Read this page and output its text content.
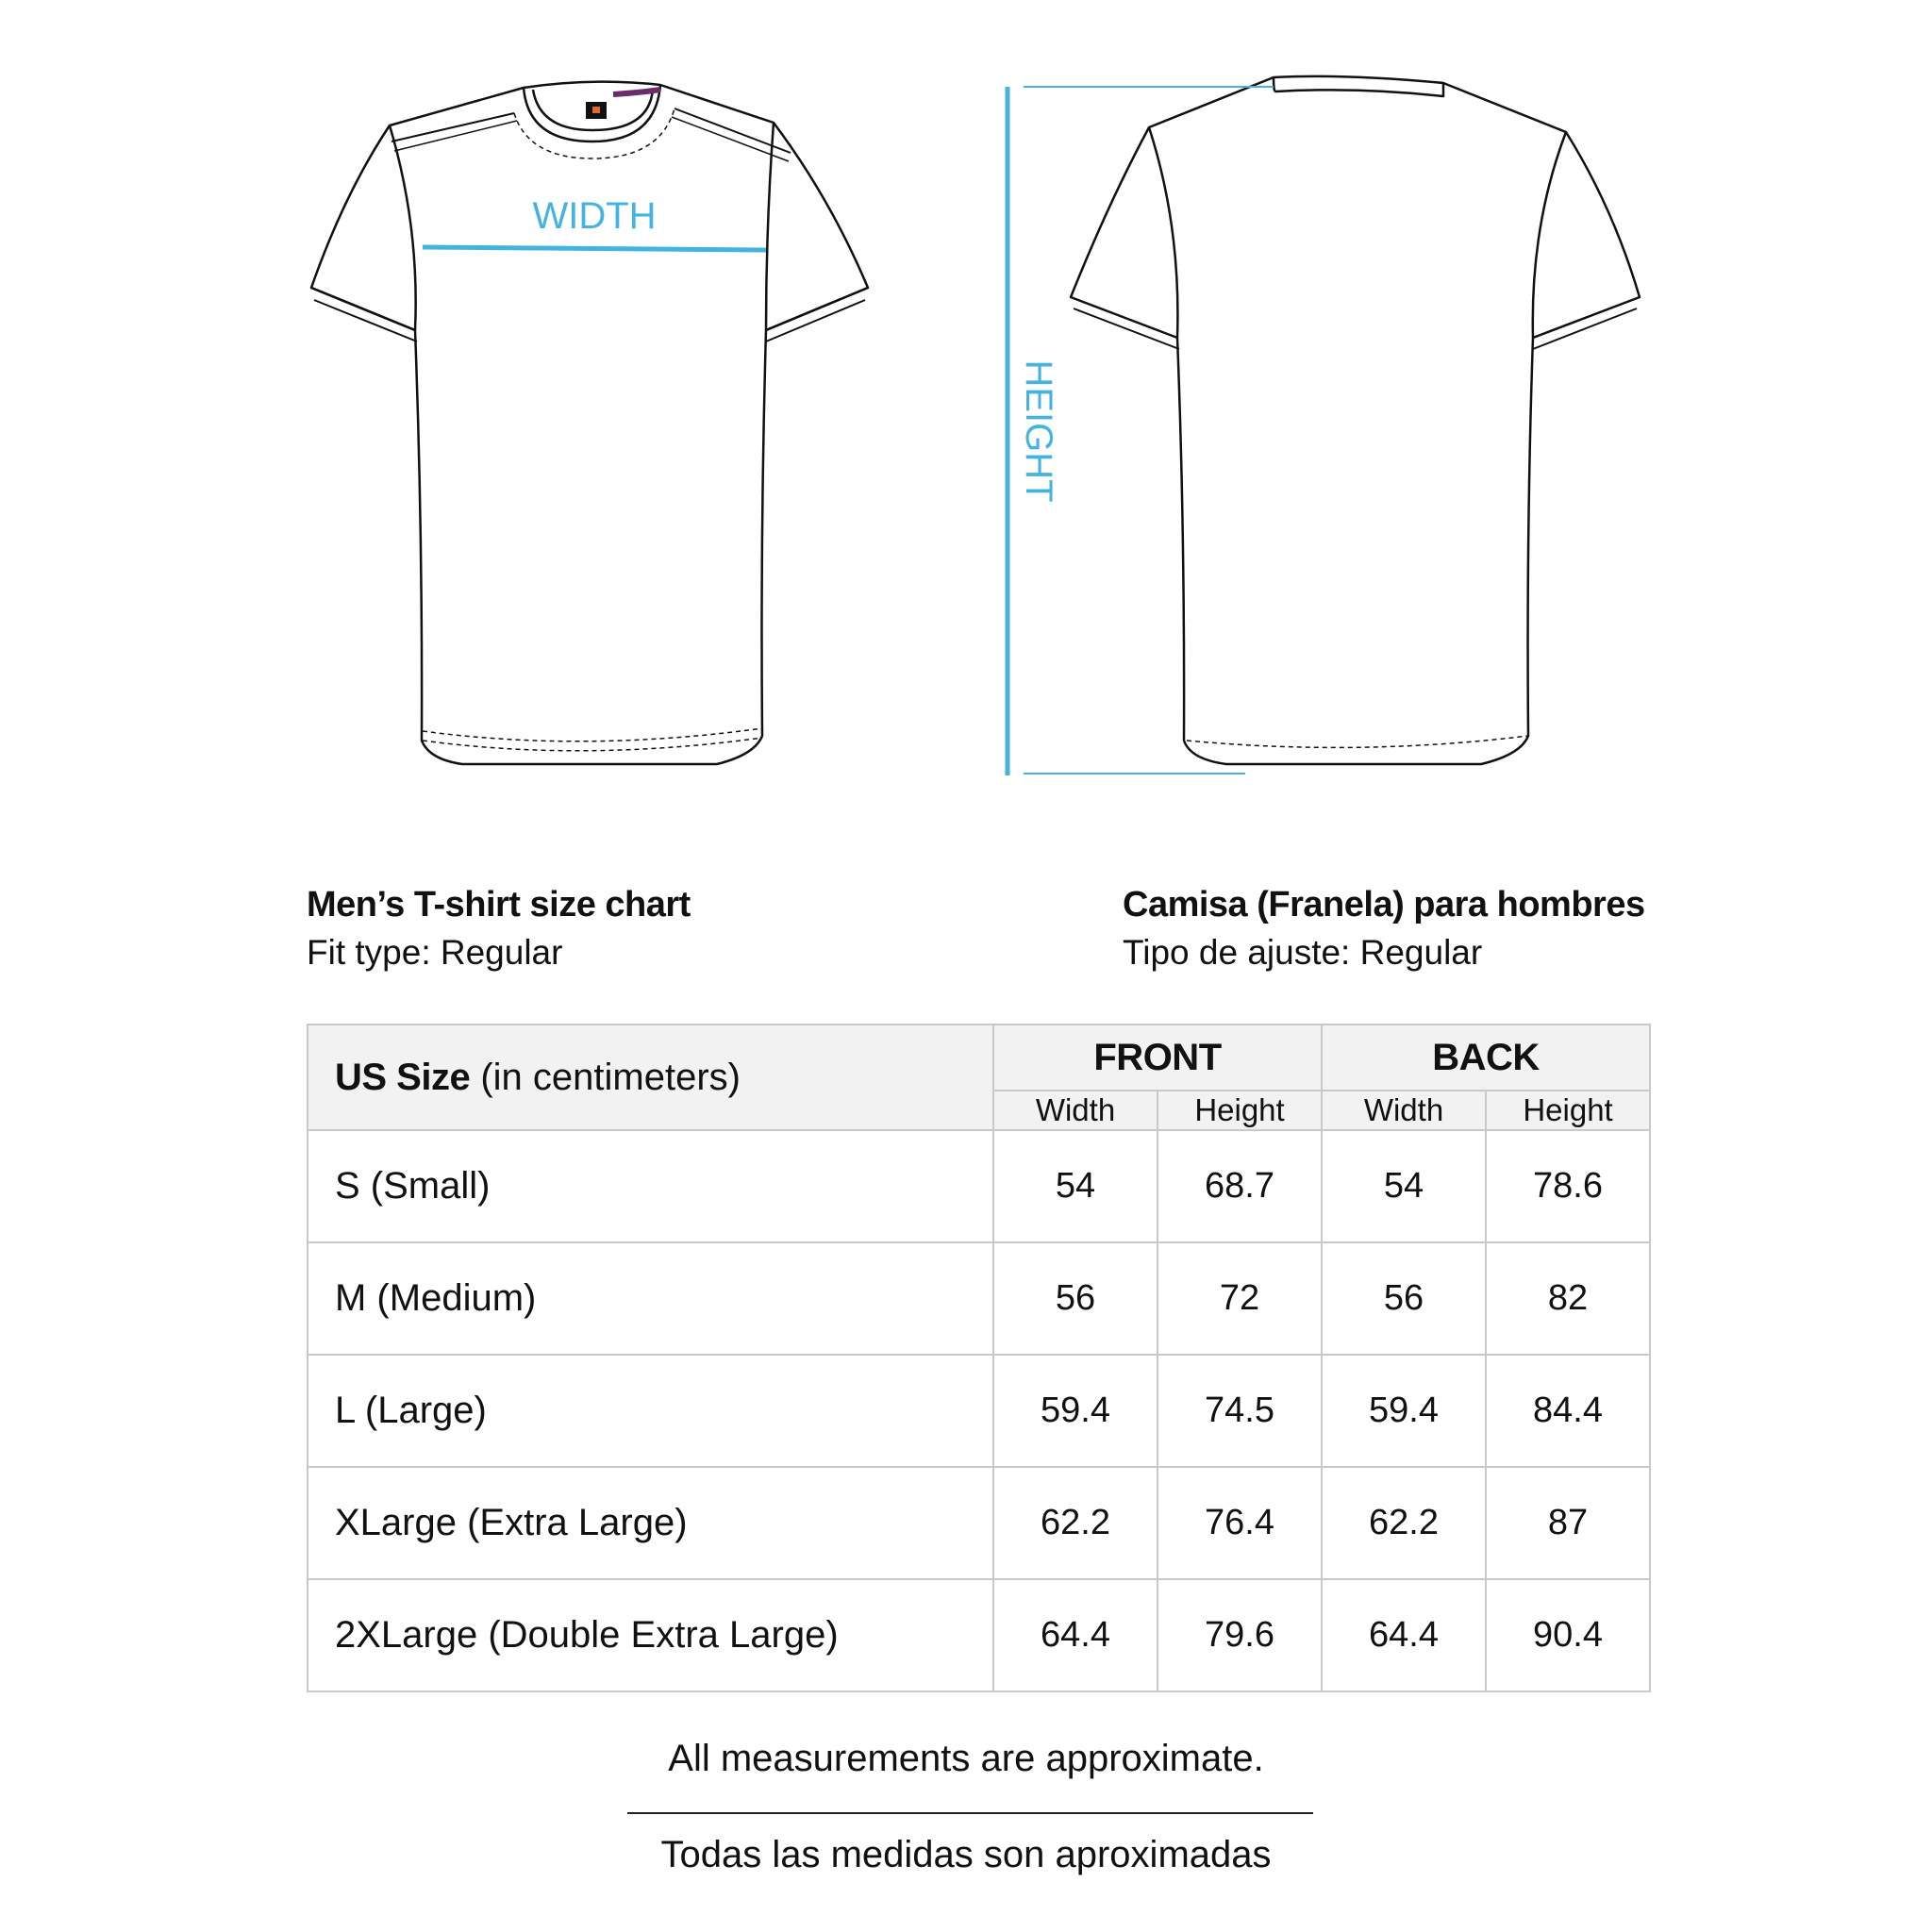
WIDTH
HEIGHT
Men’s T-shirt size chart
Fit type: Regular
Camisa (Franela) para hombres
Tipo de ajuste: Regular
US Size (in centimeters)	FRONT		BACK	
	Width	Height	Width	Height
S (Small)	54	68.7	54	78.6
M (Medium)	56	72	56	82
L (Large)	59.4	74.5	59.4	84.4
XLarge (Extra Large)	62.2	76.4	62.2	87
2XLarge (Double Extra Large)	64.4	79.6	64.4	90.4
All measurements are approximate.
Todas las medidas son aproximadas
